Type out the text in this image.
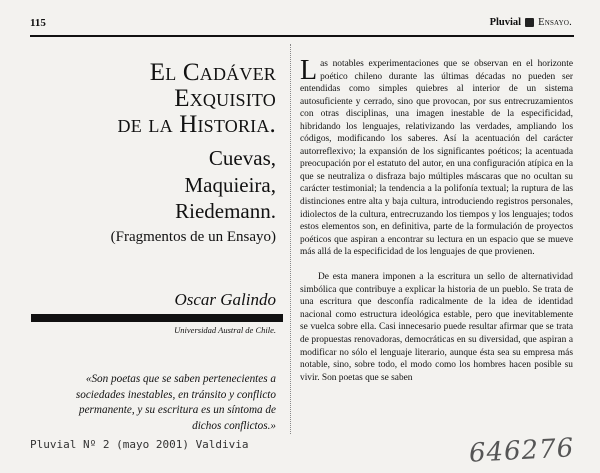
115	Pluvial Ensayo.
El Cadáver
Exquisito
de la Historia.
Cuevas,
Maquieira,
Riedemann.
(Fragmentos de un Ensayo)
Oscar Galindo
Universidad Austral de Chile.
«Son poetas que se saben pertenecientes a sociedades inestables, en tránsito y conflicto permanente, y su escritura es un síntoma de dichos conflictos.»
Pluvial Nº 2 (mayo 2001) Valdivia

Las notables experimentaciones que se observan en el horizonte poético chileno durante las últimas décadas no pueden ser entendidas como simples quiebres al interior de un sistema autosuficiente y cerrado, sino que provocan, por sus entrecruzamientos con otras disciplinas, una imagen inestable de la especificidad, hibridando los lenguajes, relativizando las verdades, ampliando los códigos, modificando los saberes. Así la acentuación del carácter autorreflexivo; la expansión de los significantes poéticos; la acentuada preocupación por el estatuto del autor, en una configuración atípica en la que se neutraliza o disfraza bajo múltiples máscaras que no ocultan su carácter testimonial; la tendencia a la polifonía textual; la ruptura de las distinciones entre alta y baja cultura, introduciendo registros personales, idiolectos de la cultura, entrecruzando los tiempos y los lenguajes; todos estos elementos son, en definitiva, parte de la formulación de proyectos poéticos que aspiran a encontrar su lectura en un espacio que se mueve más allá de la especificidad de los lenguajes de que provienen.

De esta manera imponen a la escritura un sello de alternatividad simbólica que contribuye a explicar la historia de un pueblo. Se trata de una escritura que desconfía radicalmente de la idea de identidad nacional como estructura ideológica estable, pero que inevitablemente se vuelca sobre ella. Casi innecesario puede resultar afirmar que se trata de propuestas renovadoras, democráticas en su diversidad, que aspiran a modificar no sólo el lenguaje literario, aunque ésta sea su empresa más notable, sino, sobre todo, el modo como los hombres hacen posible su vivir. Son poetas que se saben

646276
